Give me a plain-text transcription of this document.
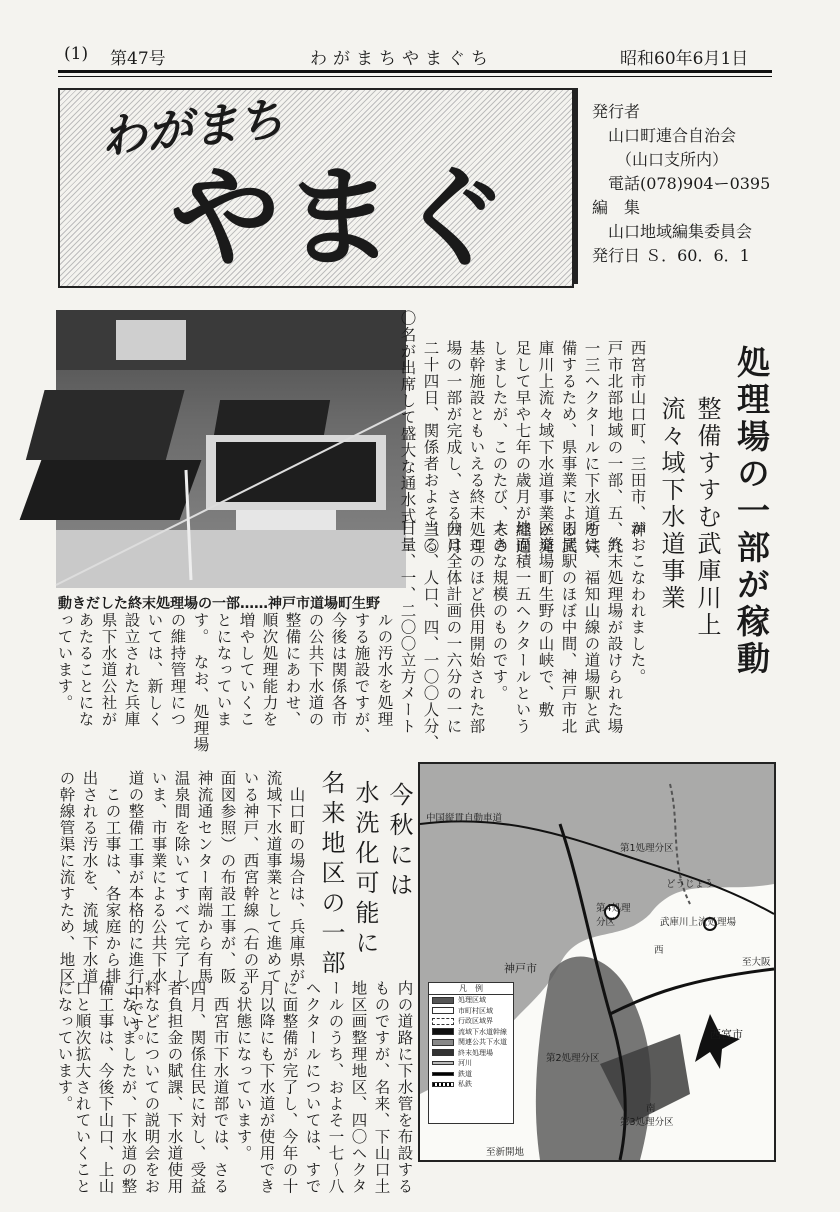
(1) 第47号	わがまちやまぐち	昭和60年6月1日
わがまち
やまぐ
発行者
　山口町連合自治会
　　（山口支所内）
　電話(078)904ー0395
編　集
　山口地域編集委員会
発行日 Ｓ．60．6．1
動きだした終末処理場の一部……神戸市道場町生野	処理場の一部が稼動
整備すすむ武庫川上
流々域下水道事業
西宮市山口町、三田市、神
戸市北部地域の一部、五、九
一三ヘクタールに下水道を完
備するため、県事業による武
庫川上流々域下水道事業が発
足して早や七年の歳月が経過
しましたが、このたび、その
基幹施設ともいえる終末処理
場の一部が完成し、さる四月
二十四日、関係者およそ三〇
〇名が出席して盛大な通水式
がおこなわれました。
　終末処理場が設けられた場
所は、福知山線の道場駅と武
田尾駅のほぼ中間、神戸市北
区道場町生野の山峡で、敷
地面積一五ヘクタールという
大きな規模のものです。
　このほど供用開始された部
分は全体計画の一六分の一に
当る、人口、四、一〇〇人分、
日量、一、二〇〇立方メート
ルの汚水を処理
する施設ですが、
今後は関係各市
の公共下水道の
整備にあわせ、
順次処理能力を
増やしていくこ
とになっていま
す。　なお、処理場
の維持管理につ
いては、新しく
設立された兵庫
県下水道公社が
あたることにな
っています。
今秋には
水洗化可能に
名来地区の一部
　山口町の場合は、兵庫県が
流域下水道事業として進めて
いる神戸、西宮幹線（右の平
面図参照）の布設工事が、阪
神流通センター南端から有馬
温泉間を除いてすべて完了し、
いま、市事業による公共下水
道の整備工事が本格的に進行中です。
　この工事は、各家庭から排
出される汚水を、流域下水道
の幹線管渠に流すため、地区
内の道路に下水管を布設する
ものですが、名来、下山口土
地区画整理地区、四〇ヘクタ
ールのうち、およそ一七～八
ヘクタールについては、すで
に面整備が完了し、今年の十
月以降にも下水道が使用でき
る状態になっています。
　西宮市下水道部では、さる
四月、関係住民に対し、受益
者負担金の賦課、下水道使用
料などについての説明会をお
こないましたが、下水道の整
備工事は、今後下山口、上山
口と順次拡大されていくこと
になっています。
中国縦貫自動車道
第1処理分区
どうじょう
第4処理分区	武庫川上流処理場
神戸市
西
至大阪
西宮市
第2処理分区
南
第3処理分区
至新開地
凡　例
処理区域
市町村区域
行政区域界
流域下水道幹線
関連公共下水道
終末処理場
河川
鉄道
私鉄
